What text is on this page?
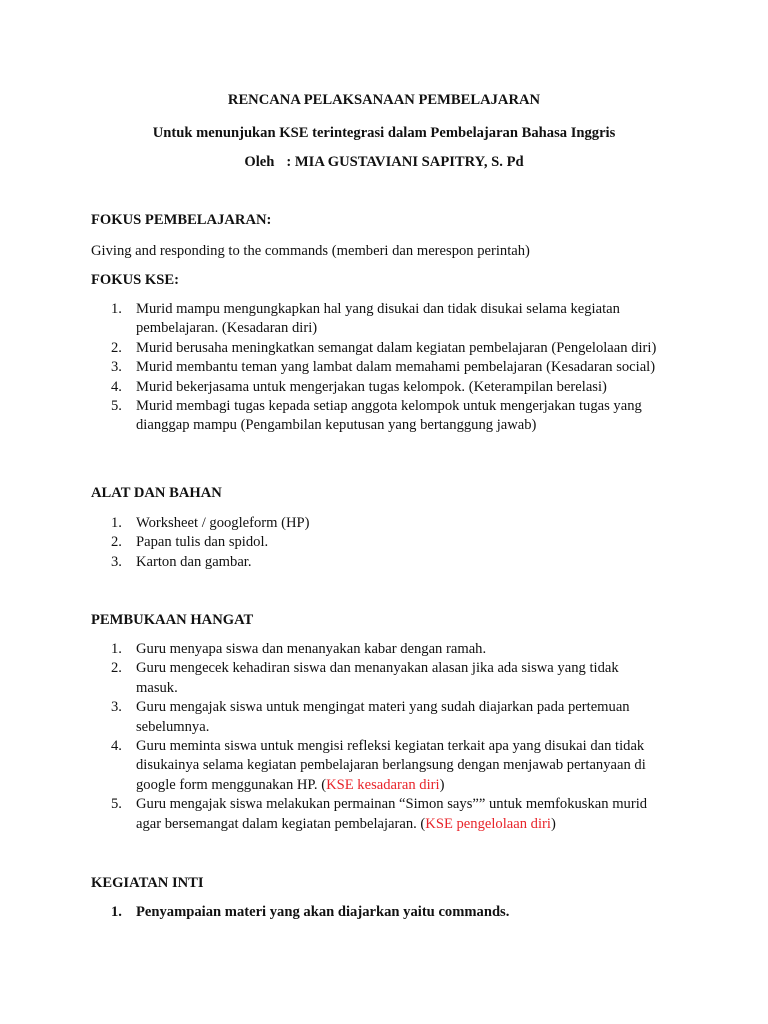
RENCANA PELAKSANAAN PEMBELAJARAN
Untuk menunjukan KSE terintegrasi dalam Pembelajaran Bahasa Inggris
Oleh : MIA GUSTAVIANI SAPITRY, S. Pd
FOKUS PEMBELAJARAN:
Giving and responding to the commands (memberi dan merespon perintah)
FOKUS KSE:
1. Murid mampu mengungkapkan hal yang disukai dan tidak disukai selama kegiatan
pembelajaran. (Kesadaran diri)
2. Murid berusaha meningkatkan semangat dalam kegiatan pembelajaran (Pengelolaan diri)
3. Murid membantu teman yang lambat dalam memahami pembelajaran (Kesadaran social)
4. Murid bekerjasama untuk mengerjakan tugas kelompok. (Keterampilan berelasi)
5. Murid membagi tugas kepada setiap anggota kelompok untuk mengerjakan tugas yang
dianggap mampu (Pengambilan keputusan yang bertanggung jawab)
ALAT DAN BAHAN
1. Worksheet / googleform (HP)
2. Papan tulis dan spidol.
3. Karton dan gambar.
PEMBUKAAN HANGAT
1. Guru menyapa siswa dan menanyakan kabar dengan ramah.
2. Guru mengecek kehadiran siswa dan menanyakan alasan jika ada siswa yang tidak
masuk.
3. Guru mengajak siswa untuk mengingat materi yang sudah diajarkan pada pertemuan
sebelumnya.
4. Guru meminta siswa untuk mengisi refleksi kegiatan terkait apa yang disukai dan tidak
disukainya selama kegiatan pembelajaran berlangsung dengan menjawab pertanyaan di
google form menggunakan HP. (KSE kesadaran diri)
5. Guru mengajak siswa melakukan permainan “Simon says”” untuk memfokuskan murid
agar bersemangat dalam kegiatan pembelajaran. (KSE pengelolaan diri)
KEGIATAN INTI
1. Penyampaian materi yang akan diajarkan yaitu commands.
